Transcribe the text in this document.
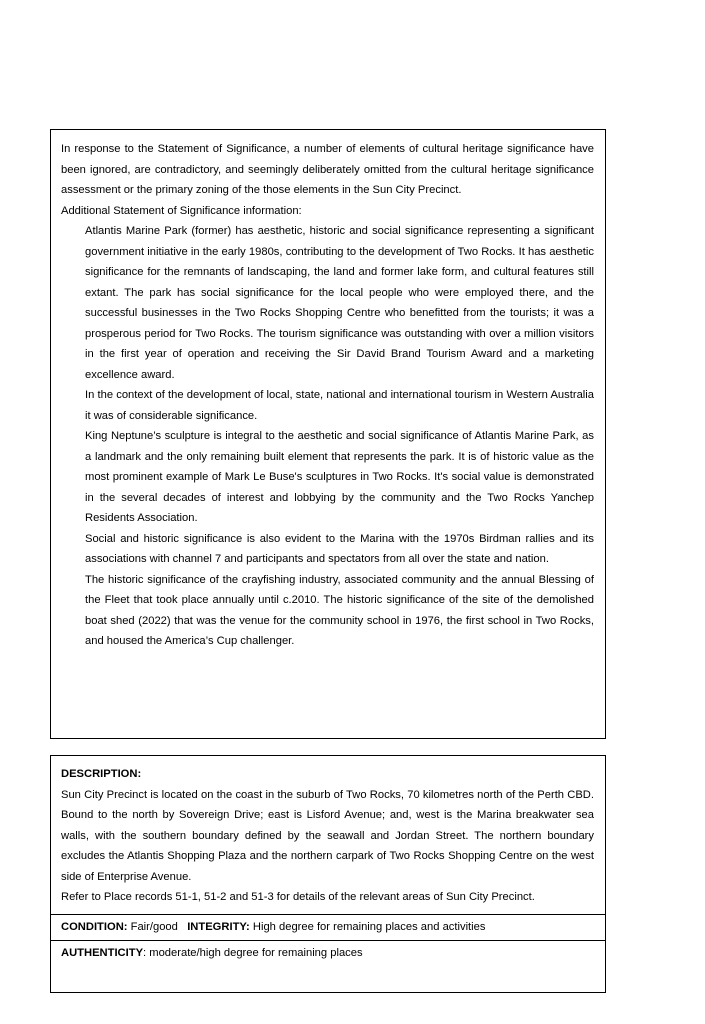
In response to the Statement of Significance, a number of elements of cultural heritage significance have been ignored, are contradictory, and seemingly deliberately omitted from the cultural heritage significance assessment or the primary zoning of the those elements in the Sun City Precinct.

Additional Statement of Significance information:

Atlantis Marine Park (former) has aesthetic, historic and social significance representing a significant government initiative in the early 1980s, contributing to the development of Two Rocks. It has aesthetic significance for the remnants of landscaping, the land and former lake form, and cultural features still extant. The park has social significance for the local people who were employed there, and the successful businesses in the Two Rocks Shopping Centre who benefitted from the tourists; it was a prosperous period for Two Rocks. The tourism significance was outstanding with over a million visitors in the first year of operation and receiving the Sir David Brand Tourism Award and a marketing excellence award.

In the context of the development of local, state, national and international tourism in Western Australia it was of considerable significance.

King Neptune’s sculpture is integral to the aesthetic and social significance of Atlantis Marine Park, as a landmark and the only remaining built element that represents the park. It is of historic value as the most prominent example of Mark Le Buse's sculptures in Two Rocks. It's social value is demonstrated in the several decades of interest and lobbying by the community and the Two Rocks Yanchep Residents Association.

Social and historic significance is also evident to the Marina with the 1970s Birdman rallies and its associations with channel 7 and participants and spectators from all over the state and nation.

The historic significance of the crayfishing industry, associated community and the annual Blessing of the Fleet that took place annually until c.2010. The historic significance of the site of the demolished boat shed (2022) that was the venue for the community school in 1976, the first school in Two Rocks, and housed the America’s Cup challenger.

DESCRIPTION:

Sun City Precinct is located on the coast in the suburb of Two Rocks, 70 kilometres north of the Perth CBD. Bound to the north by Sovereign Drive; east is Lisford Avenue; and, west is the Marina breakwater sea walls, with the southern boundary defined by the seawall and Jordan Street. The northern boundary excludes the Atlantis Shopping Plaza and the northern carpark of Two Rocks Shopping Centre on the west side of Enterprise Avenue.

Refer to Place records 51-1, 51-2 and 51-3 for details of the relevant areas of Sun City Precinct.

CONDITION: Fair/good INTEGRITY: High degree for remaining places and activities

AUTHENTICITY: moderate/high degree for remaining places
